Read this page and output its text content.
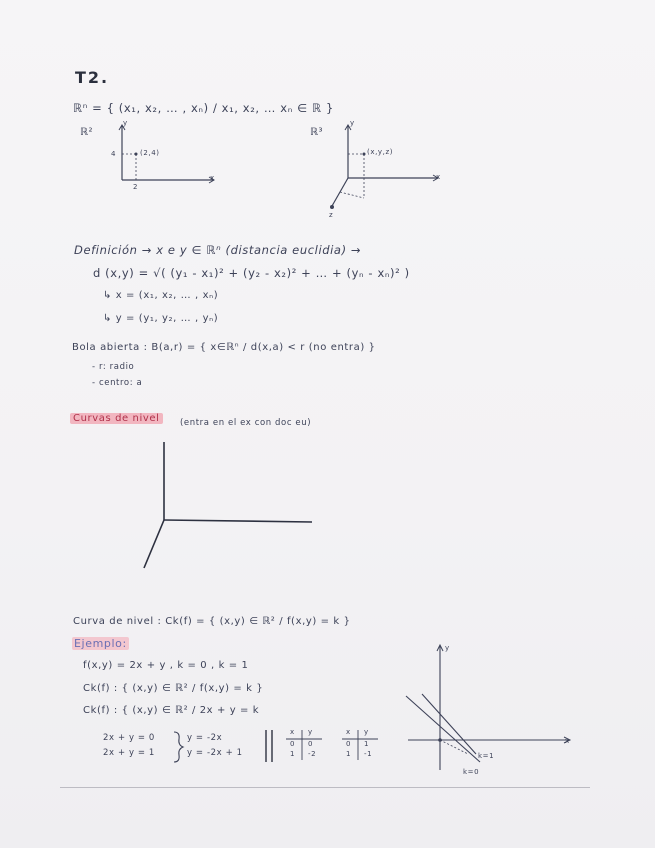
T2.
ℝⁿ = { (x₁, x₂, … , xₙ) / x₁, x₂, … xₙ ∈ ℝ }
ℝ²
y
x
4
2
(2,4)
ℝ³
y
x
z
(x,y,z)
Definición → x e y ∈ ℝⁿ (distancia euclidia) →
d (x,y) = √( (y₁ - x₁)² + (y₂ - x₂)² + … + (yₙ - xₙ)² )
↳ x = (x₁, x₂, … , xₙ)
↳ y = (y₁, y₂, … , yₙ)
Bola abierta : B(a,r) = { x∈ℝⁿ / d(x,a) < r (no entra) }
- r: radio
- centro: a
Curvas de nivel	(entra en el ex con doc eu)
Curva de nivel : Ck(f) = { (x,y) ∈ ℝ² / f(x,y) = k }
Ejemplo:
f(x,y) = 2x + y , k = 0 , k = 1
Ck(f) : { (x,y) ∈ ℝ² / f(x,y) = k }
Ck(f) : { (x,y) ∈ ℝ² / 2x + y = k
2x + y = 0
2x + y = 1
y = -2x
y = -2x + 1
x y
0 0
1 -2
x y
0 1
1 -1
y
x
k=1
k=0
